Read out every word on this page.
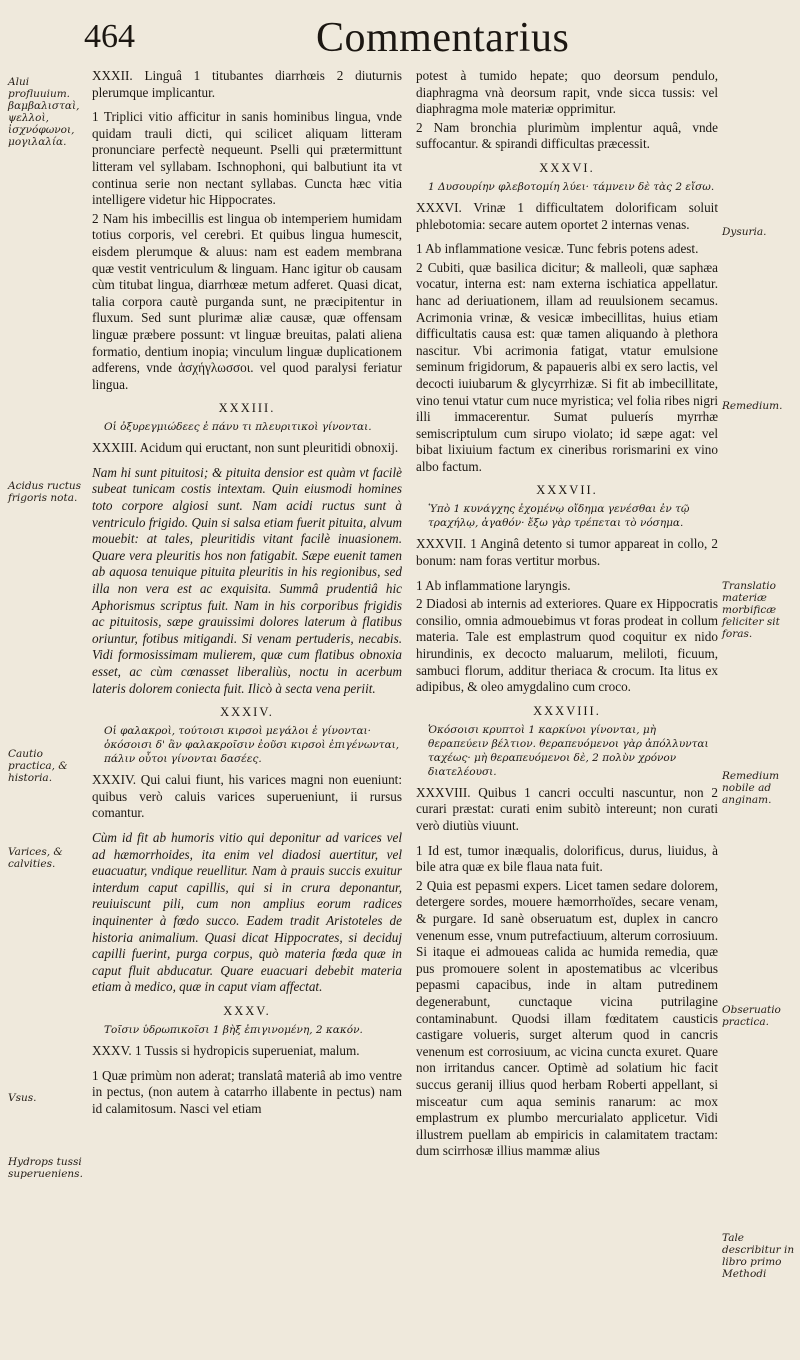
464	Commentarius
XXXII. Linguâ 1 titubantes diarrhœis 2 diuturnis plerumque implicantur.
1 Triplici vitio afficitur in sanis hominibus lingua, vnde quidam trauli dicti, qui scilicet aliquam litteram pronunciare perfectè nequeunt. Pselli qui prætermittunt litteram vel syllabam. Ischnophoni, qui balbutiunt ita vt continua serie non nectant syllabas. Cuncta hæc vitia intelligere videtur hic Hippocrates.
2 Nam his imbecillis est lingua ob intemperiem humidam totius corporis, vel cerebri. Et quibus lingua humescit, eisdem plerumque & aluus: nam est eadem membrana quæ vestit ventriculum & linguam. Hanc igitur ob causam cùm titubat lingua, diarrhœæ metum adferet. Quasi dicat, talia corpora cautè purganda sunt, ne præcipitentur in fluxum. Sed sunt plurimæ aliæ causæ, quæ offensam linguæ præbere possunt: vt linguæ breuitas, palati aliena formatio, dentium inopia; vinculum linguæ duplicationem adferens, vnde ἀσχήγλωσσοι. vel quod paralysi feriatur lingua.
XXXIII.
Οἱ ὀξυρεγμιώδεες ἐ πάνυ τι πλευριτικοὶ γίνονται.
XXXIII. Acidum qui eructant, non sunt pleuritidi obnoxij.
Nam hi sunt pituitosi; & pituita densior est quàm vt facilè subeat tunicam costis intextam. Quin eiusmodi homines toto corpore algiosi sunt. Nam acidi ructus sunt à ventriculo frigido. Quin si salsa etiam fuerit pituita, alvum mouebit: at tales, pleuritidis vitant facilè inuasionem. Quare vera pleuritis hos non fatigabit. Sæpe euenit tamen ab aquosa tenuique pituita pleuritis in his regionibus, sed illa non vera est ac exquisita. Summâ prudentiâ hic Aphorismus scriptus fuit. Nam in his corporibus frigidis ac pituitosis, sæpe grauissimi dolores laterum à flatibus oriuntur, fotibus mitigandi. Si venam pertuderis, necabis. Vidi formosissimam mulierem, quæ cum flatibus obnoxia esset, ac cùm cœnasset liberaliùs, noctu in acerbum lateris dolorem coniecta fuit. Ilicò à secta vena periit.
XXXIV.
Οἱ φαλακροὶ, τούτοισι κιρσοὶ μεγάλοι ἐ γίνονται· ὁκόσοισι δ' ἂν φαλακροῖσιν ἐοῦσι κιρσοὶ ἐπιγένωνται, πάλιν οὗτοι γίνονται δασέες.
XXXIV. Qui calui fiunt, his varices magni non eueniunt: quibus verò caluis varices superueniunt, ii rursus comantur.
Cùm id fit ab humoris vitio qui deponitur ad varices vel ad hæmorrhoides, ita enim vel diadosi auertitur, vel euacuatur, vndique reuellitur. Nam à prauis succis exuitur interdum caput capillis, qui si in crura deponantur, reuiuiscunt pili, cum non amplius eorum radices inquinenter à fœdo succo. Eadem tradit Aristoteles de historia animalium. Quasi dicat Hippocrates, si deciduj capilli fuerint, purga corpus, quò materia fœda quæ in caput fluit abducatur. Quare euacuari debebit materia etiam à medico, quæ in caput viam affectat.
XXXV.
Τοῖσιν ὑδρωπικοῖσι 1 βὴξ ἐπιγινομένη, 2 κακόν.
XXXV. 1 Tussis si hydropicis superueniat, malum.
1 Quæ primùm non aderat; translatâ materiâ ab imo ventre in pectus, (non autem à catarrho illabente in pectus) nam id calamitosum. Nasci vel etiam
potest à tumido hepate; quo deorsum pendulo, diaphragma vnà deorsum rapit, vnde sicca tussis: vel diaphragma mole materiæ opprimitur.
2 Nam bronchia plurimùm implentur aquâ, vnde suffocantur. & spirandi difficultas præcessit.
XXXVI.
1 Δυσουρίην φλεβοτομίη λύει· τάμνειν δὲ τὰς 2 εἴσω.
XXXVI. Vrinæ 1 difficultatem dolorificam soluit phlebotomia: secare autem oportet 2 internas venas.
1 Ab inflammatione vesicæ. Tunc febris potens adest.
2 Cubiti, quæ basilica dicitur; & malleoli, quæ saphæa vocatur, interna est: nam externa ischiatica appellatur. hanc ad deriuationem, illam ad reuulsionem secamus. Acrimonia vrinæ, & vesicæ imbecillitas, huius etiam difficultatis causa est: quæ tamen aliquando à plethora nascitur. Vbi acrimonia fatigat, vtatur emulsione seminum frigidorum, & papaueris albi ex sero lactis, vel decocti iuiubarum & glycyrrhizæ. Si fit ab imbecillitate, vino tenui vtatur cum nuce myristica; vel folia ribes nigri illi immacerentur. Sumat puluerís myrrhæ semiscriptulum cum sirupo violato; id sæpe agat: vel bibat lixiuium factum ex cineribus rorismarini ex vino albo factum.
XXXVII.
Ὑπὸ 1 κυνάγχης ἐχομένῳ οἴδημα γενέσθαι ἐν τῷ τραχήλῳ, ἀγαθόν· ἔξω γὰρ τρέπεται τὸ νόσημα.
XXXVII. 1 Anginâ detento si tumor appareat in collo, 2 bonum: nam foras vertitur morbus.
1 Ab inflammatione laryngis.
2 Diadosi ab internis ad exteriores. Quare ex Hippocratis consilio, omnia admouebimus vt foras prodeat in collum materia. Tale est emplastrum quod coquitur ex nido hirundinis, ex decocto maluarum, meliloti, ficuum, sambuci florum, additur theriaca & crocum. Ita litus ex adipibus, & oleo amygdalino cum croco.
XXXVIII.
Ὁκόσοισι κρυπτοὶ 1 καρκίνοι γίνονται, μὴ θεραπεύειν βέλτιον. θεραπευόμενοι γὰρ ἀπόλλυνται ταχέως· μὴ θεραπευόμενοι δὲ, 2 πολὺν χρόνον διατελέουσι.
XXXVIII. Quibus 1 cancri occulti nascuntur, non 2 curari præstat: curati enim subitò intereunt; non curati verò diutiùs viuunt.
1 Id est, tumor inæqualis, dolorificus, durus, liuidus, à bile atra quæ ex bile flaua nata fuit.
2 Quia est pepasmi expers. Licet tamen sedare dolorem, detergere sordes, mouere hæmorrhoïdes, secare venam, & purgare. Id sanè obseruatum est, duplex in cancro venenum esse, vnum putrefactiuum, alterum corrosiuum. Si itaque ei admoueas calida ac humida remedia, quæ pus promouere solent in apostematibus ac vlceribus pepasmi capacibus, inde in altam putredinem degenerabunt, cunctaque vicina putrilagine contaminabunt. Quodsi illam fœditatem causticis castigare volueris, surget alterum quod in cancris venenum est corrosiuum, ac vicina cuncta exuret. Quare non irritandus cancer. Optimè ad solatium hic facit succus geranij illius quod herbam Roberti appellant, si misceatur cum aqua seminis ranarum: ac mox emplastrum ex plumbo mercurialato applicetur. Vidi illustrem puellam ab empiricis in calamitatem tractam: dum scirrhosæ illius mammæ alius
Alui profluuium. βαμβαλισταὶ, ψελλοὶ, ἰσχνόφωνοι, μογιλαλία.
Acidus ructus frigoris nota.
Cautio practica, & historia.
Varices, & calvities.
Vsus.
Hydrops tussi superueniens.
Dysuria.
Remedium.
Translatio materiæ morbificæ feliciter sit foras.
Remedium nobile ad anginam.
Obseruatio practica.
Tale describitur in libro primo Methodi
